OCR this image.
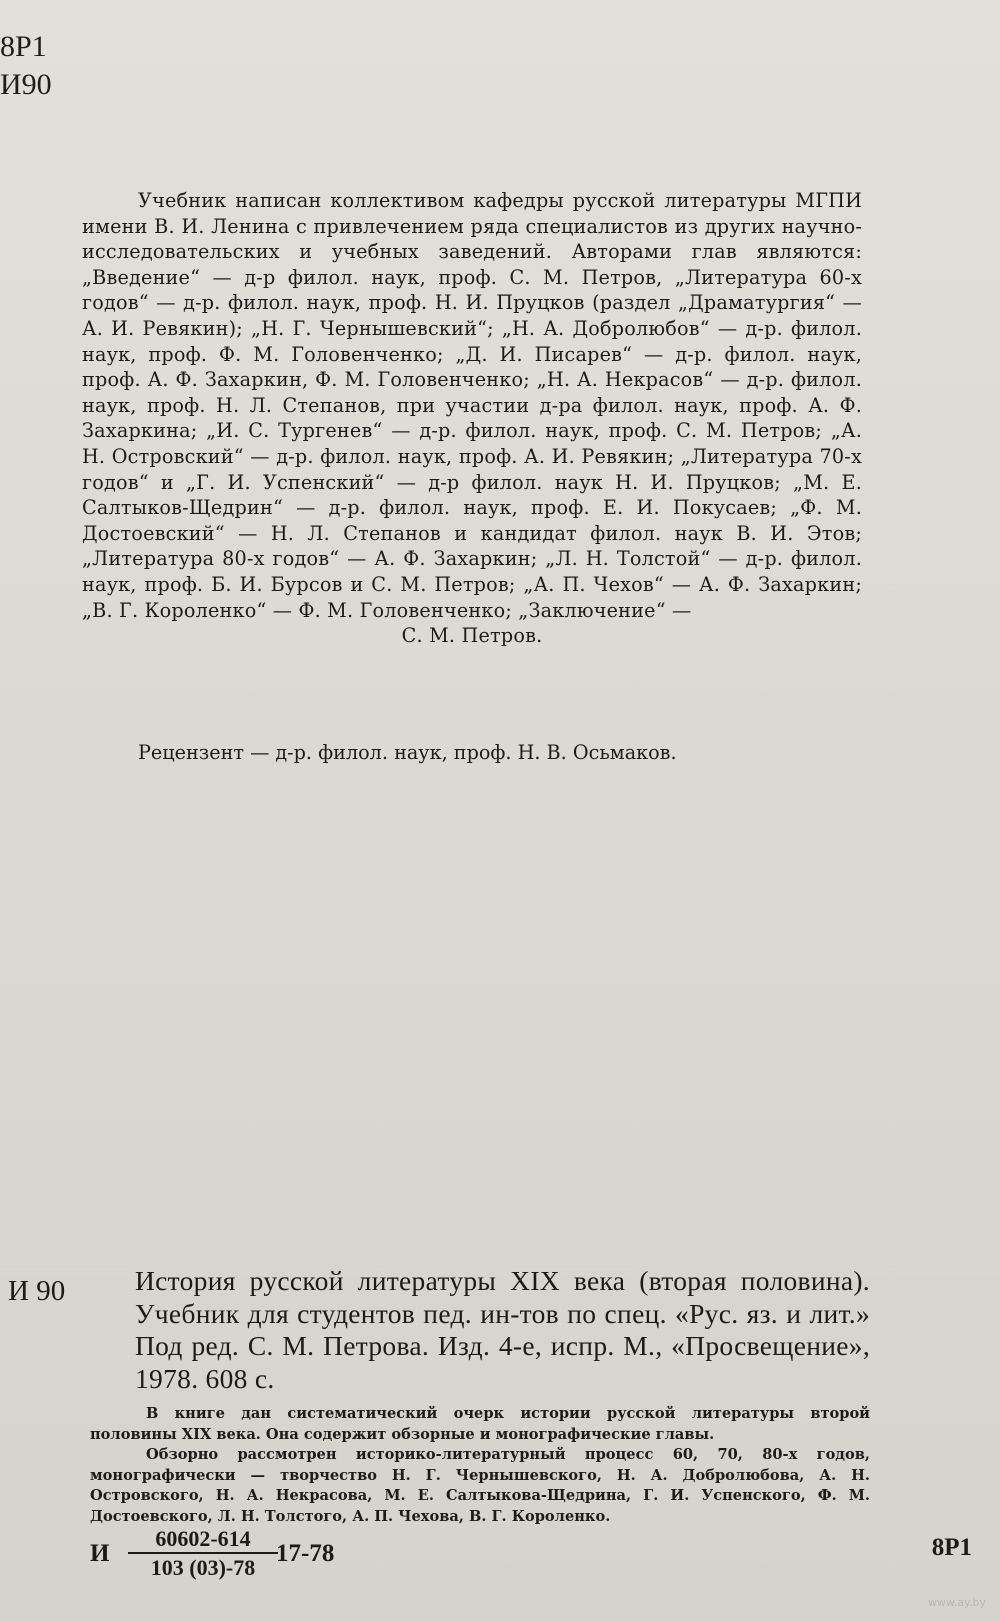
8Р1
И90

Учебник написан коллективом кафедры русской литературы МГПИ имени В. И. Ленина с привлечением ряда специалистов из других научно-исследовательских и учебных заведений. Авторами глав являются: „Введение“ — д-р филол. наук, проф. С. М. Петров, „Литература 60-х годов“ — д-р. филол. наук, проф. Н. И. Пруцков (раздел „Драматургия“ — А. И. Ревякин); „Н. Г. Чернышевский“; „Н. А. Добролюбов“ — д-р. филол. наук, проф. Ф. М. Головенченко; „Д. И. Писарев“ — д-р. филол. наук, проф. А. Ф. Захаркин, Ф. М. Головенченко; „Н. А. Некрасов“ — д-р. филол. наук, проф. Н. Л. Степанов, при участии д-ра филол. наук, проф. А. Ф. Захаркина; „И. С. Тургенев“ — д-р. филол. наук, проф. С. М. Петров; „А. Н. Островский“ — д-р. филол. наук, проф. А. И. Ревякин; „Литература 70-х годов“ и „Г. И. Успенский“ — д-р филол. наук Н. И. Пруцков; „М. Е. Салтыков-Щедрин“ — д-р. филол. наук, проф. Е. И. Покусаев; „Ф. М. Достоевский“ — Н. Л. Степанов и кандидат филол. наук В. И. Этов; „Литература 80-х годов“ — А. Ф. Захаркин; „Л. Н. Толстой“ — д-р. филол. наук, проф. Б. И. Бурсов и С. М. Петров; „А. П. Чехов“ — А. Ф. Захаркин; „В. Г. Короленко“ — Ф. М. Головенченко; „Заключение“ —

С. М. Петров.

Рецензент — д-р. филол. наук, проф. Н. В. Осьмаков.
И 90	История русской литературы XIX века (вторая половина). Учебник для студентов пед. ин-тов по спец. «Рус. яз. и лит.» Под ред. С. М. Петрова. Изд. 4-е, испр. М., «Просвещение», 1978. 608 с.

В книге дан систематический очерк истории русской литературы второй половины XIX века. Она содержит обзорные и монографические главы.

Обзорно рассмотрен историко-литературный процесс 60, 70, 80-х годов, монографически — творчество Н. Г. Чернышевского, Н. А. Добролюбова, А. Н. Островского, Н. А. Некрасова, М. Е. Салтыкова-Щедрина, Г. И. Успенского, Ф. М. Достоевского, Л. Н. Толстого, А. П. Чехова, В. Г. Короленко.

И
60602-614
103 (03)-78
17-78	8Р1
www.ay.by
